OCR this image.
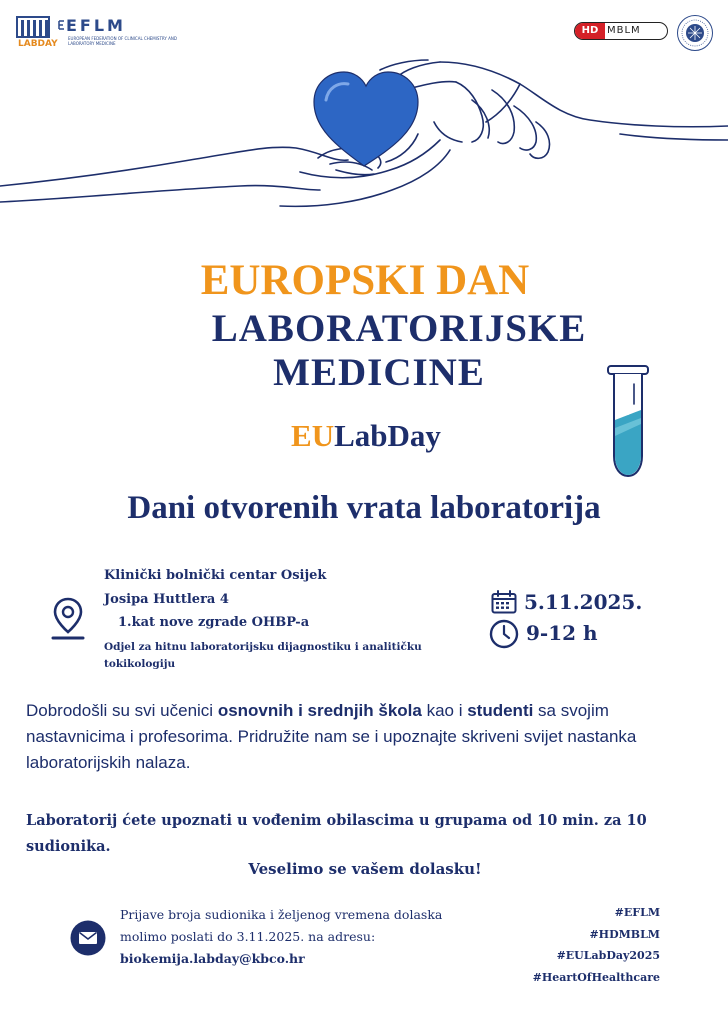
LABDAY
EFLM
EUROPEAN FEDERATION OF CLINICAL CHEMISTRY AND LABORATORY MEDICINE
HD MBLM
EUROPSKI DAN
LABORATORIJSKE
MEDICINE
EULabDay
Dani otvorenih vrata laboratorija
Klinički bolnički centar Osijek
Josipa Huttlera 4
1.kat nove zgrade OHBP-a
Odjel za hitnu laboratorijsku dijagnostiku i analitičku tokikologiju
5.11.2025.
9-12 h
Dobrodošli su svi učenici osnovnih i srednjih škola kao i studenti sa svojim nastavnicima i profesorima. Pridružite nam se i upoznajte skriveni svijet nastanka laboratorijskih nalaza.
Laboratorij ćete upoznati u vođenim obilascima u grupama od 10 min. za 10 sudionika.
Veselimo se vašem dolasku!
Prijave broja sudionika i željenog vremena dolaska molimo poslati do 3.11.2025. na adresu: biokemija.labday@kbco.hr
#EFLM
#HDMBLM
#EULabDay2025
#HeartOfHealthcare
